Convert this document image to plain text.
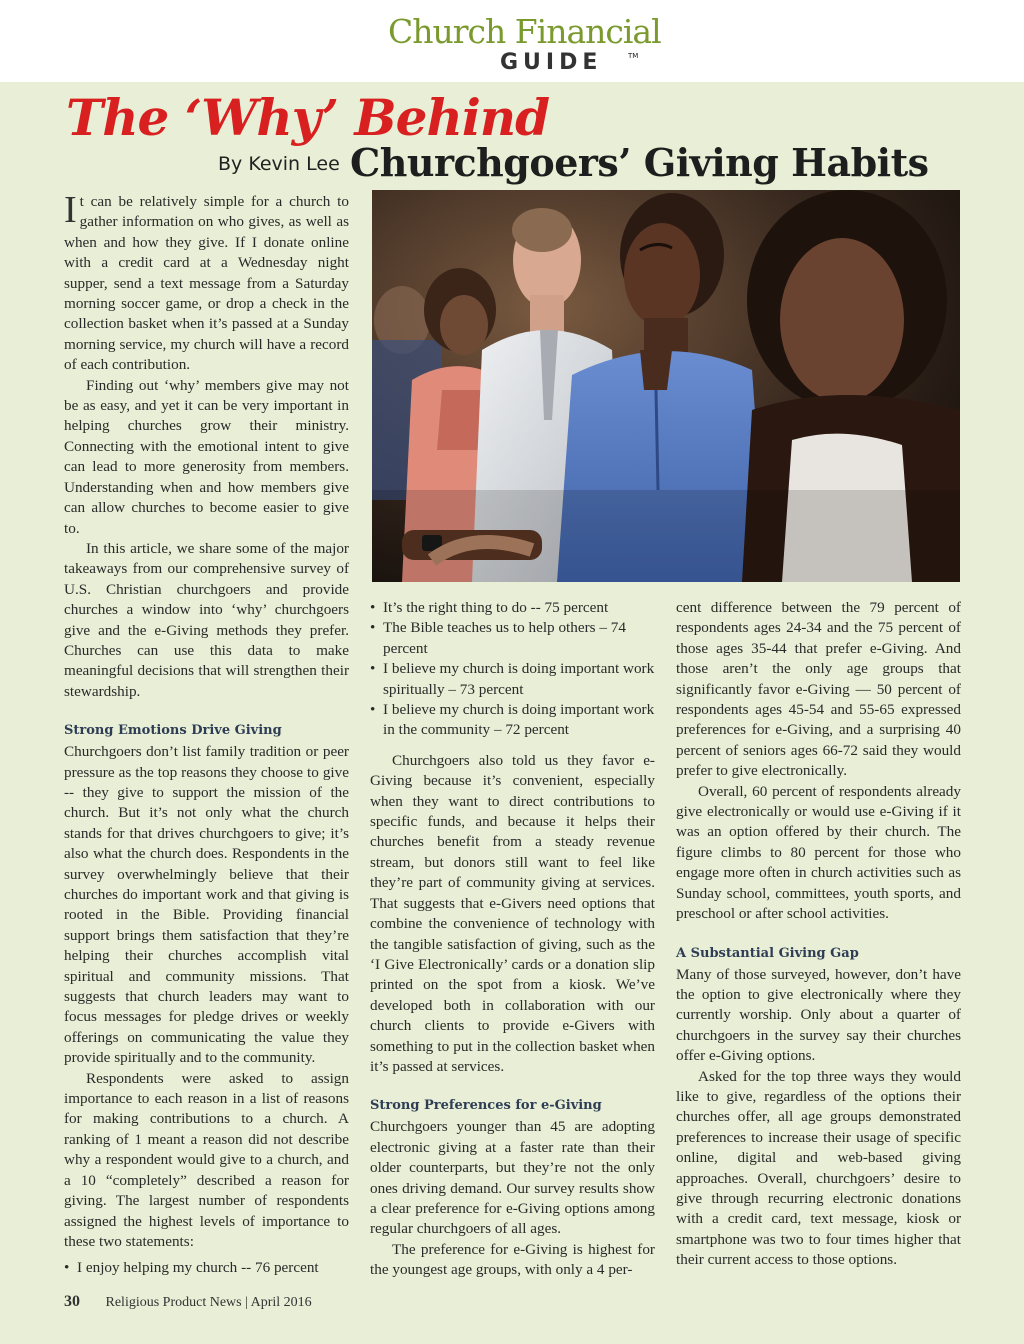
Church Financial
GUIDE	TM
The ‘Why’ Behind
By Kevin Lee Churchgoers’ Giving Habits

It can be relatively simple for a church to gather information on who gives, as well as when and how they give. If I donate online with a credit card at a Wednesday night supper, send a text message from a Saturday morning soccer game, or drop a check in the collection basket when it’s passed at a Sunday morning service, my church will have a record of each contribution.

Finding out ‘why’ members give may not be as easy, and yet it can be very important in helping churches grow their ministry. Connecting with the emotional intent to give can lead to more generosity from members. Understanding when and how members give can allow churches to become easier to give to.

In this article, we share some of the major takeaways from our comprehensive survey of U.S. Christian churchgoers and provide churches a window into ‘why’ churchgoers give and the e-Giving methods they prefer. Churches can use this data to make meaningful decisions that will strengthen their stewardship.

Strong Emotions Drive Giving

Churchgoers don’t list family tradition or peer pressure as the top reasons they choose to give -- they give to support the mission of the church. But it’s not only what the church stands for that drives churchgoers to give; it’s also what the church does. Respondents in the survey overwhelmingly believe that their churches do important work and that giving is rooted in the Bible. Providing financial support brings them satisfaction that they’re helping their churches accomplish vital spiritual and community missions. That suggests that church leaders may want to focus messages for pledge drives or weekly offerings on communicating the value they provide spiritually and to the community.

Respondents were asked to assign importance to each reason in a list of reasons for making contributions to a church. A ranking of 1 meant a reason did not describe why a respondent would give to a church, and a 10 “completely” described a reason for giving. The largest number of respondents assigned the highest levels of importance to these two statements:

• I enjoy helping my church -- 76 percent
• It’s the right thing to do -- 75 percent
• The Bible teaches us to help others – 74 percent
• I believe my church is doing important work spiritually – 73 percent
• I believe my church is doing important work in the community – 72 percent

Churchgoers also told us they favor e-Giving because it’s convenient, especially when they want to direct contributions to specific funds, and because it helps their churches benefit from a steady revenue stream, but donors still want to feel like they’re part of community giving at services. That suggests that e-Givers need options that combine the convenience of technology with the tangible satisfaction of giving, such as the ‘I Give Electronically’ cards or a donation slip printed on the spot from a kiosk. We’ve developed both in collaboration with our church clients to provide e-Givers with something to put in the collection basket when it’s passed at services.

Strong Preferences for e-Giving

Churchgoers younger than 45 are adopting electronic giving at a faster rate than their older counterparts, but they’re not the only ones driving demand. Our survey results show a clear preference for e-Giving options among regular churchgoers of all ages.

The preference for e-Giving is highest for the youngest age groups, with only a 4 per-

cent difference between the 79 percent of respondents ages 24-34 and the 75 percent of those ages 35-44 that prefer e-Giving. And those aren’t the only age groups that significantly favor e-Giving — 50 percent of respondents ages 45-54 and 55-65 expressed preferences for e-Giving, and a surprising 40 percent of seniors ages 66-72 said they would prefer to give electronically.

Overall, 60 percent of respondents already give electronically or would use e-Giving if it was an option offered by their church. The figure climbs to 80 percent for those who engage more often in church activities such as Sunday school, committees, youth sports, and preschool or after school activities.

A Substantial Giving Gap

Many of those surveyed, however, don’t have the option to give electronically where they currently worship. Only about a quarter of churchgoers in the survey say their churches offer e-Giving options.

Asked for the top three ways they would like to give, regardless of the options their churches offer, all age groups demonstrated preferences to increase their usage of specific online, digital and web-based giving approaches. Overall, churchgoers’ desire to give through recurring electronic donations with a credit card, text message, kiosk or smartphone was two to four times higher that their current access to those options.

30 Religious Product News | April 2016
